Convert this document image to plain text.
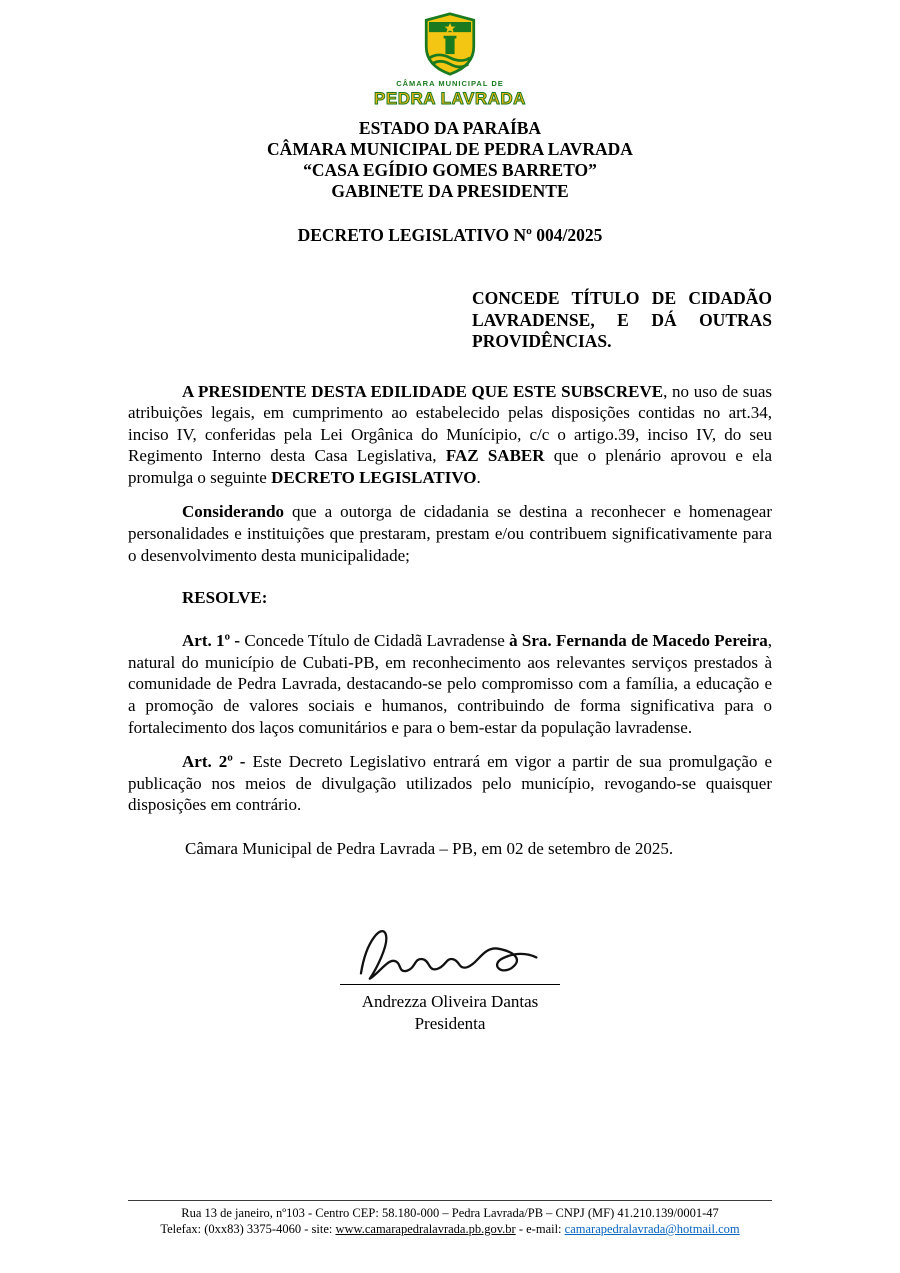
CÂMARA MUNICIPAL DE
PEDRA LAVRADA
ESTADO DA PARAÍBA
CÂMARA MUNICIPAL DE PEDRA LAVRADA
“CASA EGÍDIO GOMES BARRETO”
GABINETE DA PRESIDENTE
DECRETO LEGISLATIVO Nº 004/2025
CONCEDE TÍTULO DE CIDADÃO LAVRADENSE, E DÁ OUTRAS PROVIDÊNCIAS.

A PRESIDENTE DESTA EDILIDADE QUE ESTE SUBSCREVE, no uso de suas atribuições legais, em cumprimento ao estabelecido pelas disposições contidas no art.34, inciso IV, conferidas pela Lei Orgânica do Munícipio, c/c o artigo.39, inciso IV, do seu Regimento Interno desta Casa Legislativa, FAZ SABER que o plenário aprovou e ela promulga o seguinte DECRETO LEGISLATIVO.

Considerando que a outorga de cidadania se destina a reconhecer e homenagear personalidades e instituições que prestaram, prestam e/ou contribuem significativamente para o desenvolvimento desta municipalidade;

RESOLVE:

Art. 1º - Concede Título de Cidadã Lavradense à Sra. Fernanda de Macedo Pereira, natural do município de Cubati-PB, em reconhecimento aos relevantes serviços prestados à comunidade de Pedra Lavrada, destacando-se pelo compromisso com a família, a educação e a promoção de valores sociais e humanos, contribuindo de forma significativa para o fortalecimento dos laços comunitários e para o bem-estar da população lavradense.

Art. 2º - Este Decreto Legislativo entrará em vigor a partir de sua promulgação e publicação nos meios de divulgação utilizados pelo município, revogando-se quaisquer disposições em contrário.

Câmara Municipal de Pedra Lavrada – PB, em 02 de setembro de 2025.

Andrezza Oliveira Dantas
Presidenta
Rua 13 de janeiro, nº103 - Centro CEP: 58.180-000 – Pedra Lavrada/PB – CNPJ (MF) 41.210.139/0001-47
Telefax: (0xx83) 3375-4060 - site: www.camarapedralavrada.pb.gov.br - e-mail: camarapedralavrada@hotmail.com
